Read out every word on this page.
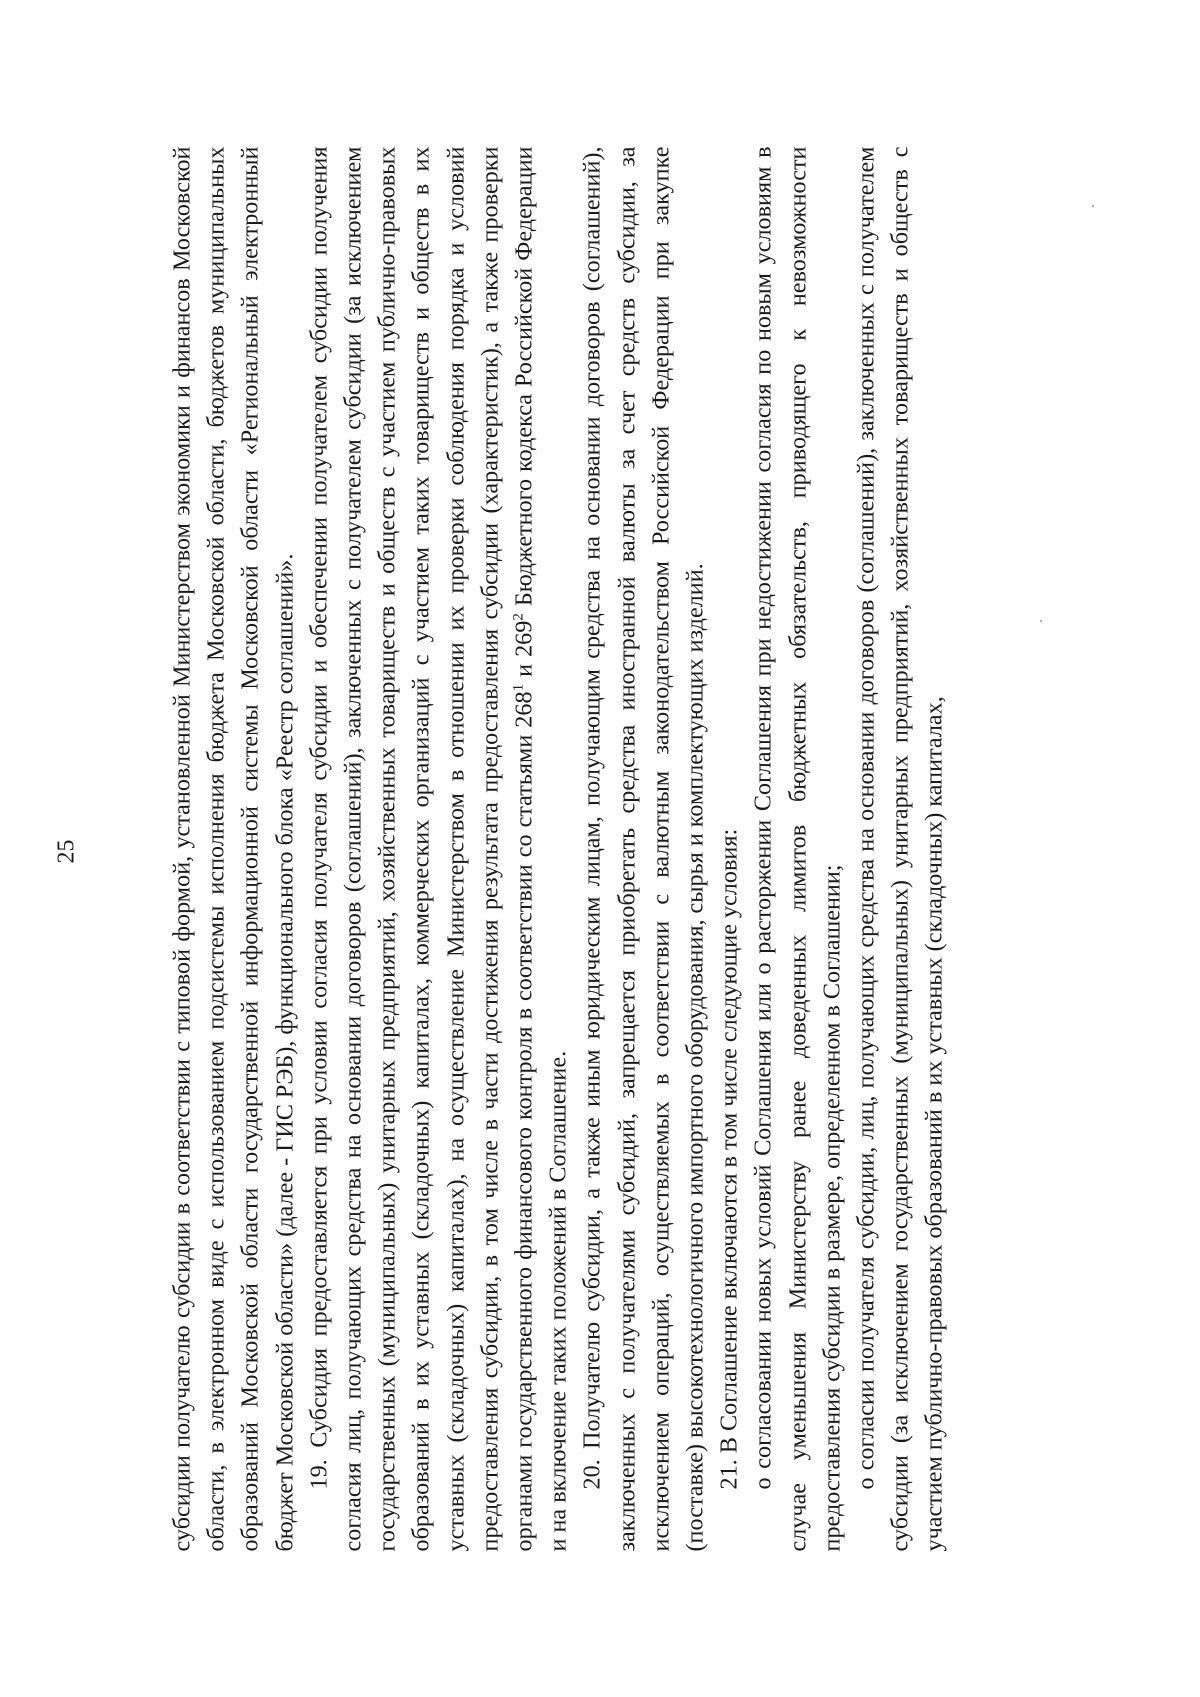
25	субсидии получателю субсидии в соответствии с типовой формой, установленной Министерством экономики и финансов Московской области, в электронном виде с использованием подсистемы исполнения бюджета Московской области, бюджетов муниципальных образований Московской области государственной информационной системы Московской области «Региональный электронный бюджет Московской области» (далее - ГИС РЭБ), функционального блока «Реестр соглашений». 19. Субсидия предоставляется при условии согласия получателя субсидии и обеспечении получателем субсидии получения согласия лиц, получающих средства на основании договоров (соглашений), заключенных с получателем субсидии (за исключением государственных (муниципальных) унитарных предприятий, хозяйственных товариществ и обществ с участием публично-правовых образований в их уставных (складочных) капиталах, коммерческих организаций с участием таких товариществ и обществ в их уставных (складочных) капиталах), на осуществление Министерством в отношении их проверки соблюдения порядка и условий предоставления субсидии, в том числе в части достижения результата предоставления субсидии (характеристик), а также проверки органами государственного финансового контроля в соответствии со статьями $268^1$ и $269^2$ Бюджетного кодекса Российской Федерации и на включение таких положений в Соглашение. 20. Получателю субсидии, а также иным юридическим лицам, получающим средства на основании договоров (соглашений), заключенных с получателями субсидий, запрещается приобретать средства иностранной валюты за счет средств субсидии, за исключением операций, осуществляемых в соответствии с валютным законодательством Российской Федерации при закупке (поставке) высокотехнологичного импортного оборудования, сырья и комплектующих изделий. 21. В Соглашение включаются в том числе следующие условия: о согласовании новых условий Соглашения или о расторжении Соглашения при недостижении согласия по новым условиям в случае уменьшения Министерству ранее доведенных лимитов бюджетных обязательств, приводящего к невозможности предоставления субсидии в размере, определенном в Соглашении; о согласии получателя субсидии, лиц, получающих средства на основании договоров (соглашений), заключенных с получателем субсидии (за исключением государственных (муниципальных) унитарных предприятий, хозяйственных товариществ и обществ с участием публично-правовых образований в их уставных (складочных) капиталах,
